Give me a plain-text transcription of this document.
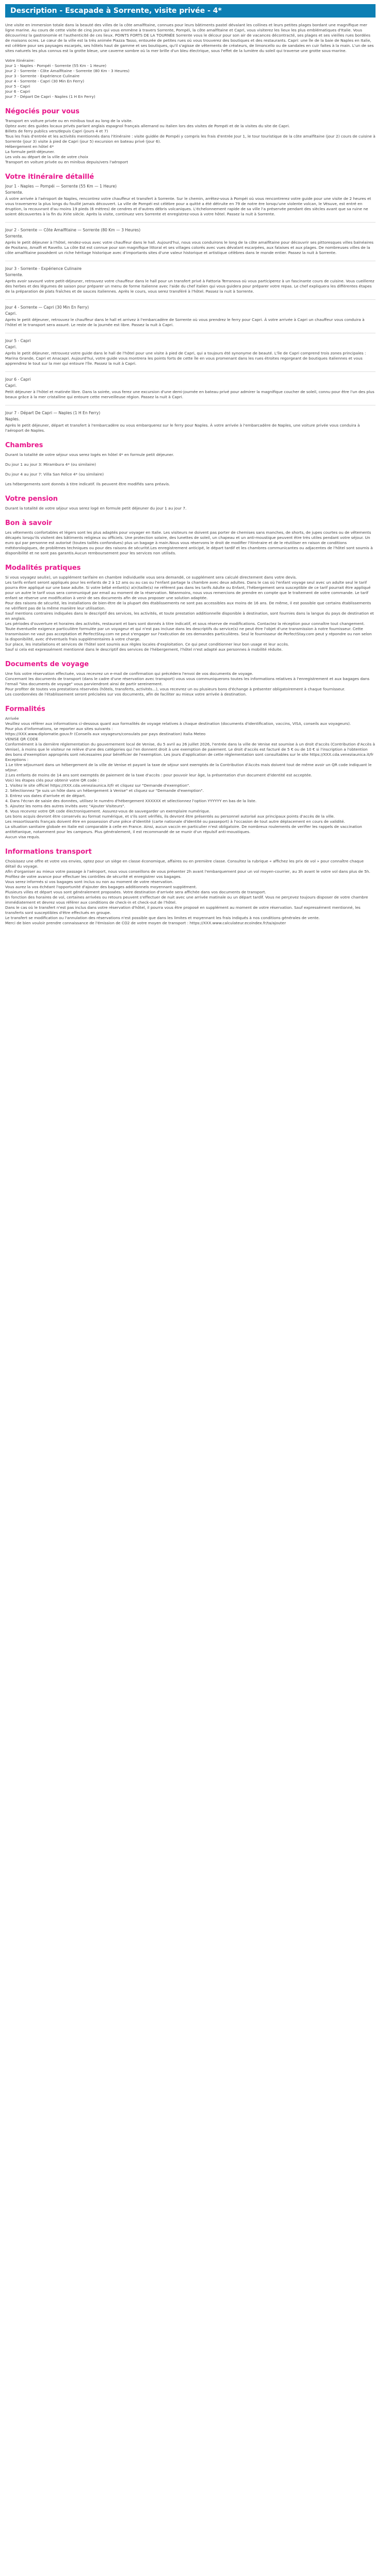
Description - Escapade à Sorrente, visite privée - 4*

Une visite en immersion totale dans la beauté des villes de la côte amalfitaine, connues pour leurs bâtiments pastel dévalant les collines et leurs petites plages bordant une magnifique mer ligne marine. Au cours de cette visite de cinq jours qui vous emmène à travers Sorrente, Pompéi, la côte amalfitaine et Capri, vous visiterez les lieux les plus emblématiques d'Italie. Vous découvrirez la gastronomie et l'authenticité de ces lieux. POINTS FORTS DE LA TOURNÉE Sorrente vous le décour pour son air de vacances décontracté, ses plages et ses vieilles rues bordées de maisons ocres. Le cœur de la ville est la très animée Piazza Tasso, entourée de petites rues où vous trouverez des boutiques et des restaurants. Capri: une île de la baie de Naples en Italie, est célèbre pour ses paysages escarpés, ses hôtels haut de gamme et ses boutiques, qu'il s'agisse de vêtements de créateurs, de limoncello ou de sandales en cuir faites à la main. L'un de ses sites naturels les plus connus est la grotte bleue, une caverne sombre où la mer brille d'un bleu électrique, sous l'effet de la lumière du soleil qui traverse une grotte sous-marine.

Votre itinéraire:
Jour 1 - Naples - Pompéi - Sorrente (55 Km - 1 Heure)
Jour 2 - Sorrente - Côte Amalfitaine - Sorrente (80 Km - 3 Heures)
Jour 3 - Sorrente - Expérience Culinaire
Jour 4 - Sorrente - Capri (30 Min En Ferry)
Jour 5 - Capri
Jour 6 - Capri
Jour 7 - Départ De Capri - Naples (1 H En Ferry)

Négociés pour vous

Transport en voiture privée ou en minibus tout au long de la visite.
Optez avec des guides locaux privés parlant anglais espagnol français allemand ou italien lors des visites de Pompéi et de la visites du site de Capri.
Billets de ferry publics vers/depuis Capri (jours 4 et 7)
Tous les frais d'entrée et les activités mentionnés dans l'itinéraire : visite guidée de Pompéi y compris les frais d'entrée Jour 1, le tour touristique de la côte amalfitaine (jour 2) cours de cuisine à Sorrente (jour 3) visite à pied de Capri (jour 5) excursion en bateau privé (jour 6).
Hébergement en hôtel 4*
La formule petit-déjeuner.
Les vols au départ de la ville de votre choix
Transport en voiture privée ou en minibus depuis/vers l'aéroport

Votre itinéraire détaillé

Jour 1 - Naples — Pompéi — Sorrente (55 Km — 1 Heure)

Sorrente.

À votre arrivée à l'aéroport de Naples, rencontrez votre chauffeur et transfert à Sorrente. Sur le chemin, arrêtez-vous à Pompéi où vous rencontrerez votre guide pour une visite de 2 heures et vous traverserez la plus longs du fouillé jamais découvert. La ville de Pompéi est célèbre pour a quitté a été détruite en 79 de notre ère lorsqu'une violente volcan, le Vésuve, est entré en éruption, la recouvrant d'au moins 19 pieds (6 mètres) de cendres et d'autres débris volcaniques. L'échelonnement rapide de sa ville l'a préservée pendant des siècles avant que sa ruine ne soient découvertes à la fin du XVIe siècle. Après la visite, continuez vers Sorrente et enregistrez-vous à votre hôtel. Passez la nuit à Sorrente.

Jour 2 - Sorrente — Côte Amalfitaine — Sorrente (80 Km — 3 Heures)

Sorrente.

Après le petit déjeuner à l'hôtel, rendez-vous avec votre chauffeur dans le hall. Aujourd'hui, nous vous conduirons le long de la côte amalfitaine pour découvrir ses pittoresques villes balnéaires de Positano, Amalfi et Ravello. La côte Est est connue pour son magnifique littoral et ses villages colorés avec vues dévalant escarpées, aux falaises et aux plages. De nombreuses villes de la côte amalfitaine possèdent un riche héritage historique avec d'importants sites d'une valeur historique et artistique célèbres dans le monde entier. Passez la nuit à Sorrente.

Jour 3 - Sorrente - Expérience Culinaire

Sorrente.

Après avoir savouré votre petit-déjeuner, retrouvez votre chauffeur dans le hall pour un transfert privé à Fattoria Terranova où vous participerez à un fascinante cours de cuisine. Vous cueillerez des herbes et des légumes de saison pour préparer un menu de forme italienne avec l'aide du chef italien qui vous guidera pour préparer votre repas. Le chef expliquera les différentes étapes de la préparation de plats fraîches et de sauces italiennes. Après le cours, vous serez transféré à l'hôtel. Passez la nuit à Sorrente.

Jour 4 - Sorrente — Capri (30 Min En Ferry)

Capri.

Après le petit déjeuner, retrouvez le chauffeur dans le hall et arrivez à l'embarcadère de Sorrente où vous prendrez le ferry pour Capri. À votre arrivée à Capri un chauffeur vous conduira à l'hôtel et le transport sera assuré. Le reste de la journée est libre. Passez la nuit à Capri.

Jour 5 - Capri

Capri.

Après le petit déjeuner, retrouvez votre guide dans le hall de l'hôtel pour une visite à pied de Capri, qui a toujours été synonyme de beauté. L'île de Capri comprend trois zones principales : Marina Grande, Capri et Anacapri. Aujourd'hui, votre guide vous montrera les points forts de cette île en vous promenant dans les rues étroites regorgeant de boutiques italiennes et vous apprendrez le tout sur la mer qui entoure l'île. Passez la nuit à Capri.

Jour 6 - Capri

Capri.

Petit déjeuner à l'hôtel et matinée libre. Dans la soirée, vous ferez une excursion d'une demi-journée en bateau privé pour admirer la magnifique coucher de soleil, connu pour être l'un des plus beaux grâce à la mer cristalline qui entoure cette merveilleuse région. Passez la nuit à Capri.

Jour 7 - Départ De Capri — Naples (1 H En Ferry)

Naples.

Après le petit déjeuner, départ et transfert à l'embarcadère ou vous embarquerez sur le ferry pour Naples. À votre arrivée à l'embarcadère de Naples, une voiture privée vous conduira à l'aéroport de Naples.

Chambres

Durant la totalité de votre séjour vous serez logés en hôtel 4* en formule petit déjeuner.

Du jour 1 au jour 3: Mirambura 4* (ou similaire)

Du jour 4 au jour 7: Villa San Felice 4* (ou similaire)

Les hébergements sont donnés à titre indicatif. Ils peuvent être modifiés sans préavis.

Votre pension

Durant la totalité de votre séjour vous serez logé en formule petit déjeuner du jour 1 au jour 7.

Bon à savoir

Les vêtements confortables et légers sont les plus adaptés pour voyager en Italie. Les visiteurs ne doivent pas porter de chemises sans manches, de shorts, de jupes courtes ou de vêtements décapés lorsqu'ils visitent des bâtiments religieux ou officiels. Une protection solaire, des lunettes de soleil, un chapeau et un anti-moustique peuvent être très utiles pendant votre séjour. Un euro qui par personne est autorisé (toutes taillés confondues) plus un bagage à main.Nous vous réservons le droit de modifier l'itinéraire et de le réutiliser en raison de conditions météorologiques, de problèmes techniques ou pour des raisons de sécurité.Les enregistrement anticipé, le départ tardif et les chambres communicantes ou adjacentes de l'hôtel sont soumis à disponibilité et ne sont pas garantis.Aucun remboursement pour les services non utilisés.

Modalités pratiques

Si vous voyagez seul(e), un supplément tarifaire en chambre individuelle vous sera demandé, ce supplément sera calculé directement dans votre devis.
Les tarifs enfant seront appliqués pour les enfants de 2 à 12 ans ou au cas ou l'enfant partage la chambre avec deux adultes. Dans le cas où l'enfant voyage seul avec un adulte seul le tarif pourra être appliqué sur une base adulte. Si votre bébé enfant(s) a(n)taille(s) ne réfèrent pas dans les tarifs Adulte ou Enfant, l'hébergement sera susceptible de ce tarif pourrait être appliqué pour un autre le tarif vous sera communiqué par email au moment de la réservation. Néanmoins, nous vous remercions de prendre en compte que le traitement de votre commande. Le tarif enfant se réserve une modification à venir de ses documents afin de vous proposer une solution adaptée.
Pour des raisons de sécurité, les installations de bien-être de la plupart des établissements ne sont pas accessibles aux moins de 16 ans. De même, il est possible que certains établissements ne vérifient pas de la même manière leur utilisation.
Sauf mentions contraires indiquées dans le descriptif des services, les activités, et toute prestation additionnelle disponible à destination, sont fournies dans la langue du pays de destination et en anglais.
Les périodes d'ouverture et horaires des activités, restaurant et bars sont donnés à titre indicatif, et sous réserve de modifications. Contactez la réception pour connaître tout changement.
Toute éventuelle exigence particulière formulée par un voyageur et qui n'est pas incluse dans les descriptifs du service(s) ne peut être l'objet d'une transmission à notre fournisseur. Cette transmission ne vaut pas acceptation et PerfectStay.com ne peut s'engager sur l'exécution de ces demandes particulières. Seul le fournisseur de PerfectStay.com peut y répondre ou non selon la disponibilité, avec d'éventuels frais supplémentaires à votre charge.
Sur place, les installations et services de l'hôtel sont soumis aux règles locales d'exploitation. Ce qui peut conditionner leur bon usage et leur accès.
Sauf si cela est expressément mentionné dans le descriptif des services de l'hébergement, l'hôtel n'est adapté aux personnes à mobilité réduite.

Documents de voyage

Une fois votre réservation effectuée, vous recevrez un e-mail de confirmation qui précédera l'envoi de vos documents de voyage.
Concernant les documents de transport (dans le cadre d'une réservation avec transport) vous vous communiquerons toutes les informations relatives à l'enregistrement et aux bagages dans l'email "Vos documents de voyage" vous parviendront ainsi de partir sereinement.
Pour profiter de toutes vos prestations réservées (hôtels, transferts, activités...), vous recevrez un ou plusieurs bons d'échange à présenter obligatoirement à chaque fournisseur.
Les coordonnées de l'établissement seront précisées sur vos documents, afin de faciliter au mieux votre arrivée à destination.

Formalités

Arrivée
Veuillez vous référer aux informations ci-dessous quant aux formalités de voyage relatives à chaque destination (documents d'identification, vaccins, VISA, conseils aux voyageurs).
Pour plus d'informations, se reporter aux sites suivants :
https://XXX.www.diplomatie.gouv.fr (Conseils aux voyageurs/consulats par pays destination) Italia Meteo
VENISE QR CODE
Conformément à la dernière réglementation du gouvernement local de Venise, du 5 avril au 26 juillet 2026, l'entrée dans la ville de Venise est soumise à un droit d'accès (Contribution d'Accès à Venise), à moins que le visiteur ne relève d'une des catégories qui l'en donnent droit à une exemption de paiement. Le droit d'accès est facturé de 5 € ou de 10 € si l'inscription a l'obtention des bons d'exemption appropriés sont nécessaires pour bénéficier de l'exemption. Les jours d'application de cette réglementation sont consultables sur le site https://XXX.cda.veneziaunica.it/fr
Exceptions :
1.Le titre séjournant dans un hébergement de la ville de Venise et payant la taxe de séjour sont exemptés de la Contribution d'Accès mais doivent tout de même avoir un QR code indiquant le séjour.
2.Les enfants de moins de 14 ans sont exemptés de paiement de la taxe d'accès : pour pouvoir leur âge, la présentation d'un document d'identité est acceptée.
Voici les étapes clés pour obtenir votre QR code :
1. Visitez le site officiel https://XXX.cda.veneziaunica.it/fr et cliquez sur "Demande d'exemption".
2. Sélectionnez "Je suis un hôte dans un hébergement à Venise" et cliquez sur "Demande d'exemption".
3. Entrez vos dates d'arrivée et de départ.
4. Dans l'écran de saisie des données, utilisez le numéro d'hébergement XXXXXX et sélectionnez l'option YYYYYY en bas de la liste.
5. Ajoutez les noms des autres invités avec "Ajouter Visiteurs".
6. Vous recevrez votre QR code électroniquement. Assurez-vous de sauvegarder un exemplaire numérique.
Les bons acquis devront être conservés au format numérique, et s'ils sont vérifiés, ils devront être présentés au personnel autorisé aux principaux points d'accès de la ville.
Les ressortissants français doivent être en possession d'une pièce d'identité (carte nationale d'identité ou passeport) à l'occasion de tout autre déplacement en cours de validité.
La situation sanitaire globale en Italie est comparable à celle en France. Ainsi, aucun vaccin en particulier n'est obligatoire. De nombreux roulements de verifier les rappels de vaccination antitétanique, notamment pour les campeurs. Plus généralement, il est recommandé de se munir d'un répulsif anti-moustiques.
Aucun visa requis.

Informations transport

Choisissez une offre et votre vos envies, optez pour un siège en classe économique, affaires ou en première classe. Consultez la rubrique « affichez les prix de vol » pour connaître chaque détail du voyage.
Afin d'organiser au mieux votre passage à l'aéroport, nous vous conseillons de vous présenter 2h avant l'embarquement pour un vol moyen-courrier, au 3h avant le votre vol dans plus de 5h. Profitez de votre avance pour effectuer les contrôles de sécurité et enregistrer vos bagages.
Vous serez informés si vos bagages sont inclus ou non au moment de votre réservation.
Vous aurez la vos échéant l'opportunité d'ajouter des bagages additionnels moyennant supplément.
Plusieurs villes et départ vous sont généralement proposées. Votre destination d'arrivée sera affichée dans vos documents de transport.
En fonction des horaires de vol, certaines arrivées ou retours peuvent s'effectuer de nuit avec une arrivée matinale ou un départ tardif. Vous ne perçevez toujours disposer de votre chambre immédiatement et devrez vous référer aux conditions de check-in et check-out de l'hôtel.
Dans le cas où le transfert n'est pas inclus dans votre réservation d'hôtel, il pourra vous être proposé en supplément au moment de votre réservation. Sauf expressément mentionné, les transferts sont susceptibles d'être effectués en groupe.
Le transfert se modification ou l'annulation des réservations n'est possible que dans les limites et moyennant les frais indiqués à nos conditions générales de vente.
Merci de bien vouloir prendre connaissance de l'émission de CO2 de votre moyen de transport : https://XXX.www.calculateur.ecoindex.fr/ta/ajouter
